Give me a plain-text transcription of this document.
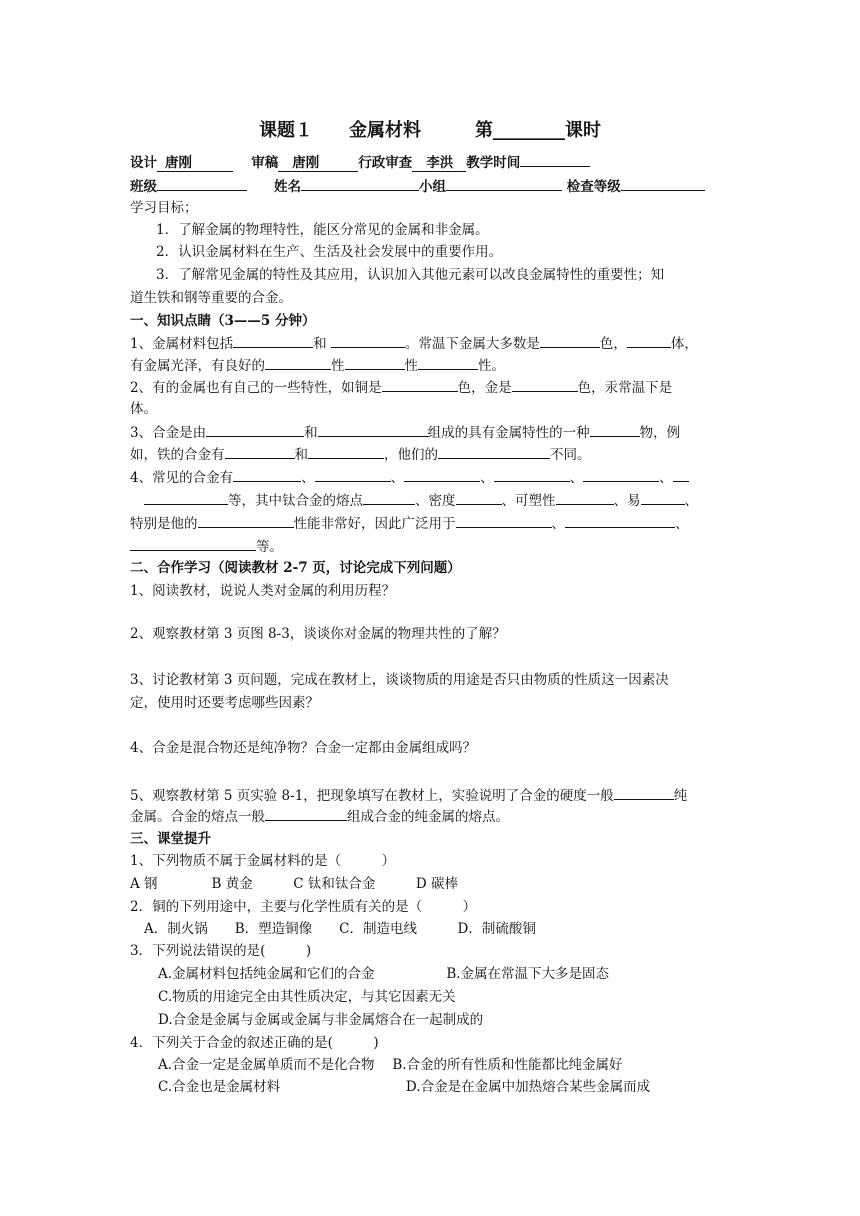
课题１　　金属材料　　　第________课时
设计 唐刚　	审稿 唐刚	行政审查 李洪 教学时间
班级　　	姓名	小组	检查等级
学习目标；
1．了解金属的物理特性，能区分常见的金属和非金属。
2．认识金属材料在生产、生活及社会发展中的重要作用。
3．了解常见金属的特性及其应用，认识加入其他元素可以改良金属特性的重要性；知
道生铁和钢等重要的合金。
一、知识点睛（3——5 分钟）
1、金属材料包括	和	。常温下金属大多数是	色，	体，
有金属光泽，有良好的	性	性	性。
2、有的金属也有自己的一些特性，如铜是	色，金是	色，汞常温下是
体。
3、合金是由	和	组成的具有金属特性的一种	物，例
如，铁的合金有	和	，他们的	不同。
4、常见的合金有	、	、	、	、	、
等，其中钛合金的熔点	、密度	、可塑性	、易	、
特别是他的	性能非常好，因此广泛用于	、	、
等。
二、合作学习（阅读教材 2-7 页，讨论完成下列问题）
1、阅读教材，说说人类对金属的利用历程？
2、观察教材第 3 页图 8-3，谈谈你对金属的物理共性的了解？
3、讨论教材第 3 页问题，完成在教材上，谈谈物质的用途是否只由物质的性质这一因素决
定，使用时还要考虑哪些因素？
4、合金是混合物还是纯净物？合金一定都由金属组成吗？
5、观察教材第 5 页实验 8-1，把现象填写在教材上，实验说明了合金的硬度一般	纯
金属。合金的熔点一般	组成合金的纯金属的熔点。
三、课堂提升
1、下列物质不属于金属材料的是（　　　）
A 钢　　　　B 黄金　　　C 钛和钛合金　　　D 碳棒
2．铜的下列用途中，主要与化学性质有关的是（　　　）
A．制火锅　　B．塑造铜像　　C．制造电线　　　D．制硫酸铜
3．下列说法错误的是(　　　)
A.金属材料包括纯金属和它们的合金　　　　　 B.金属在常温下大多是固态
C.物质的用途完全由其性质决定，与其它因素无关
D.合金是金属与金属或金属与非金属熔合在一起制成的
4．下列关于合金的叙述正确的是(　　　)
A.合金一定是金属单质而不是化合物　 B.合金的所有性质和性能都比纯金属好
C.合金也是金属材料　　　　　　　　　 D.合金是在金属中加热熔合某些金属而成
